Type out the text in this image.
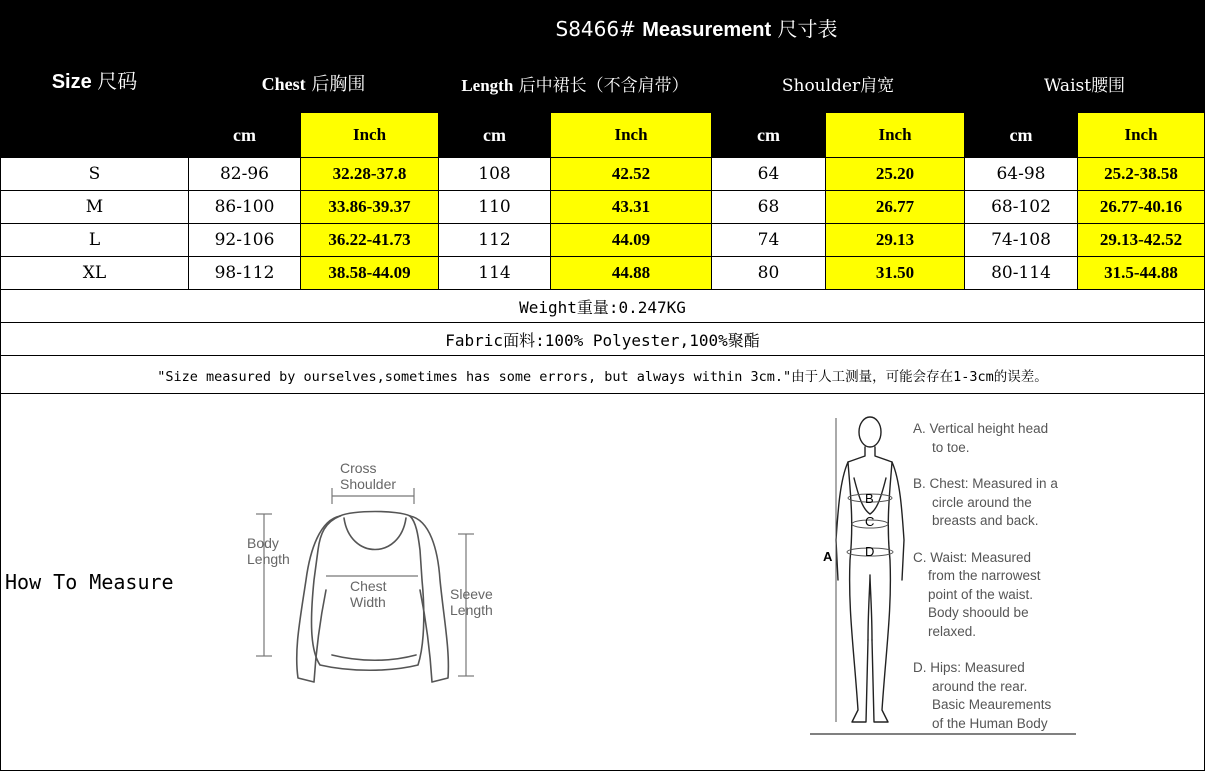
Size 尺码	S8466# Measurement 尺寸表							
	Chest 后胸围		Length 后中裙长（不含肩带）		Shoulder肩宽		Waist腰围	
	cm	Inch	cm	Inch	cm	Inch	cm	Inch
S	82-96	32.28-37.8	108	42.52	64	25.20	64-98	25.2-38.58
M	86-100	33.86-39.37	110	43.31	68	26.77	68-102	26.77-40.16
L	92-106	36.22-41.73	112	44.09	74	29.13	74-108	29.13-42.52
XL	98-112	38.58-44.09	114	44.88	80	31.50	80-114	31.5-44.88
Weight重量:0.247KG								
Fabric面料:100% Polyester,100%聚酯								
"Size measured by ourselves,sometimes has some errors, but always within 3cm."由于人工测量，可能会存在1-3cm的误差。								

How To Measure
Cross
Shoulder
Body
Length
Chest
Width	Sleeve
Length
A
B
C
D
A. Vertical height head
to toe.
B. Chest: Measured in a
circle around the
breasts and back.
C. Waist: Measured
from the narrowest
point of the waist.
Body shoould be
relaxed.
D. Hips: Measured
around the rear.
Basic Meaurements
of the Human Body
